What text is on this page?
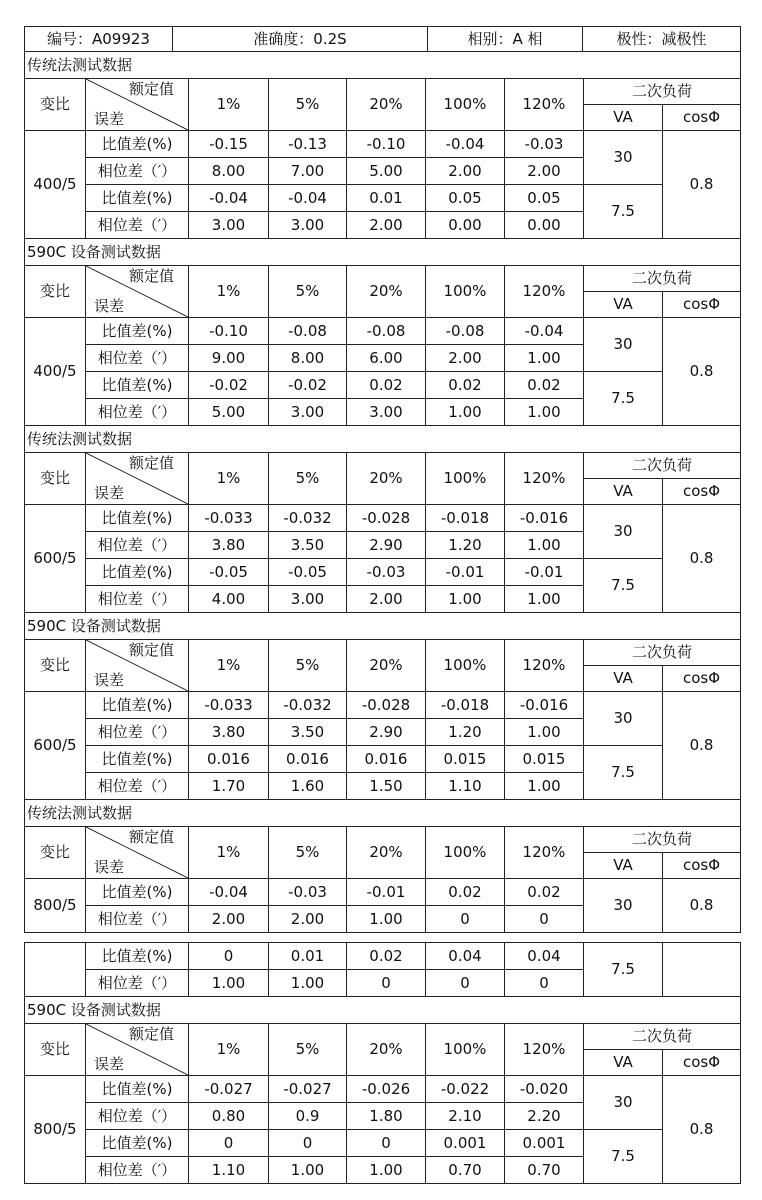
编号：A09923	准确度：0.2S	相别：A 相	极性：减极性
传统法测试数据								
变比	额定值
误差	1%	5%	20%	100%	120%	二次负荷	
							VA	cosΦ
400/5	比值差(%)	-0.15	-0.13	-0.10	-0.04	-0.03	30	0.8
	相位差（′）	8.00	7.00	5.00	2.00	2.00		
	比值差(%)	-0.04	-0.04	0.01	0.05	0.05	7.5	
	相位差（′）	3.00	3.00	2.00	0.00	0.00		
590C 设备测试数据								
变比	额定值
误差	1%	5%	20%	100%	120%	二次负荷	
							VA	cosΦ
400/5	比值差(%)	-0.10	-0.08	-0.08	-0.08	-0.04	30	0.8
	相位差（′）	9.00	8.00	6.00	2.00	1.00		
	比值差(%)	-0.02	-0.02	0.02	0.02	0.02	7.5	
	相位差（′）	5.00	3.00	3.00	1.00	1.00		
传统法测试数据								
变比	额定值
误差	1%	5%	20%	100%	120%	二次负荷	
							VA	cosΦ
600/5	比值差(%)	-0.033	-0.032	-0.028	-0.018	-0.016	30	0.8
	相位差（′）	3.80	3.50	2.90	1.20	1.00		
	比值差(%)	-0.05	-0.05	-0.03	-0.01	-0.01	7.5	
	相位差（′）	4.00	3.00	2.00	1.00	1.00		
590C 设备测试数据								
变比	额定值
误差	1%	5%	20%	100%	120%	二次负荷	
							VA	cosΦ
600/5	比值差(%)	-0.033	-0.032	-0.028	-0.018	-0.016	30	0.8
	相位差（′）	3.80	3.50	2.90	1.20	1.00		
	比值差(%)	0.016	0.016	0.016	0.015	0.015	7.5	
	相位差（′）	1.70	1.60	1.50	1.10	1.00		
传统法测试数据								
变比	额定值
误差	1%	5%	20%	100%	120%	二次负荷	
							VA	cosΦ
800/5	比值差(%)	-0.04	-0.03	-0.01	0.02	0.02	30	0.8
	相位差（′）	2.00	2.00	1.00	0	0		

	比值差(%)	0	0.01	0.02	0.04	0.04	7.5	
	相位差（′）	1.00	1.00	0	0	0		
590C 设备测试数据								
变比	额定值
误差	1%	5%	20%	100%	120%	二次负荷	
							VA	cosΦ
800/5	比值差(%)	-0.027	-0.027	-0.026	-0.022	-0.020	30	0.8
	相位差（′）	0.80	0.9	1.80	2.10	2.20		
	比值差(%)	0	0	0	0.001	0.001	7.5	
	相位差（′）	1.10	1.00	1.00	0.70	0.70		
